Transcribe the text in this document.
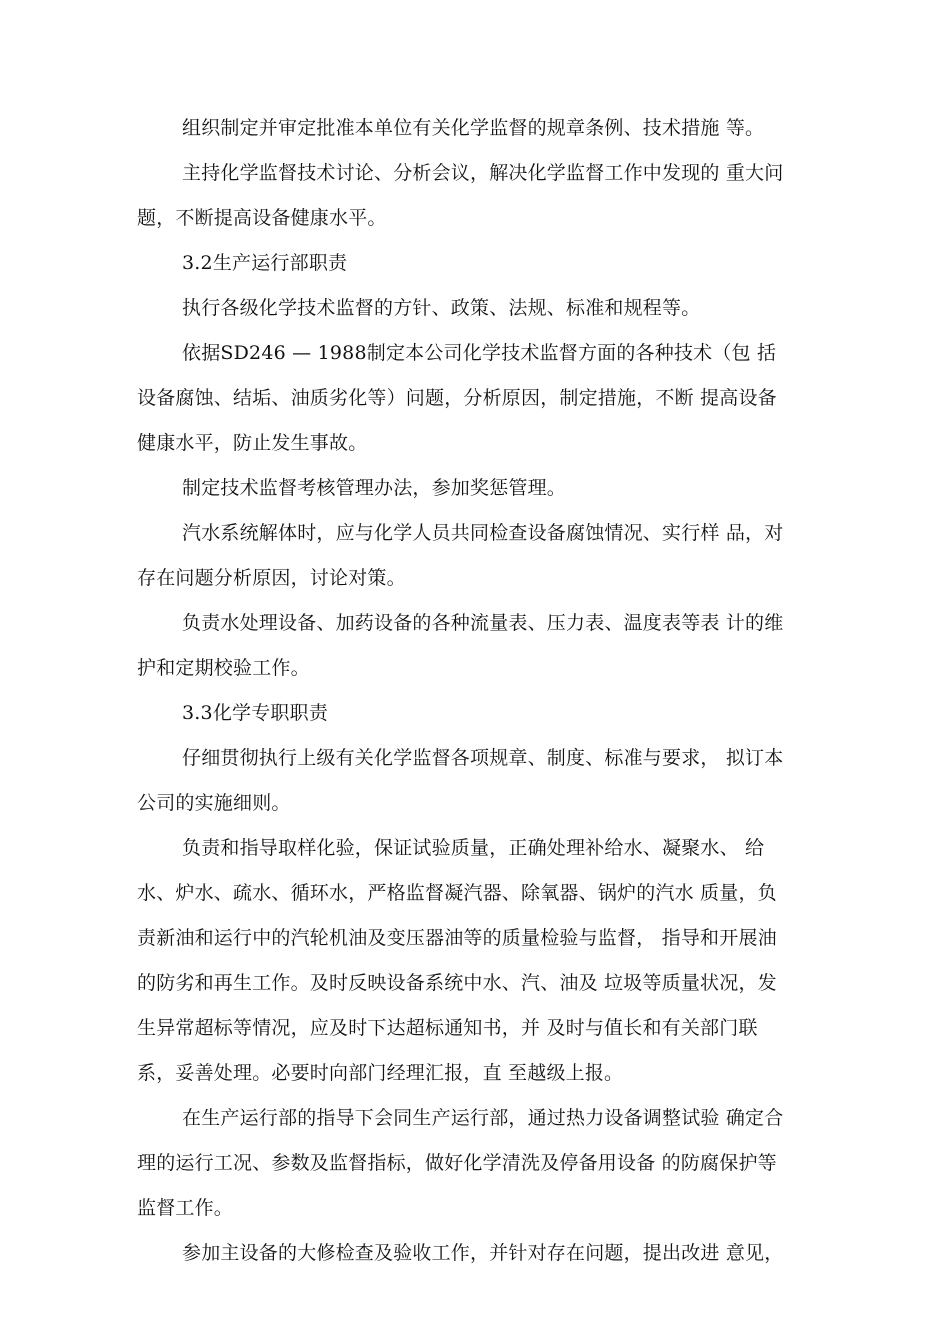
组织制定并审定批准本单位有关化学监督的规章条例、技术措施 等。

主持化学监督技术讨论、分析会议，解决化学监督工作中发现的 重大问
题，不断提高设备健康水平。

3.2生产运行部职责

执行各级化学技术监督的方针、政策、法规、标准和规程等。

依据SD246 — 1988制定本公司化学技术监督方面的各种技术（包 括
设备腐蚀、结垢、油质劣化等）问题，分析原因，制定措施，不断 提高设备
健康水平，防止发生事故。

制定技术监督考核管理办法，参加奖惩管理。

汽水系统解体时，应与化学人员共同检查设备腐蚀情况、实行样 品，对
存在问题分析原因，讨论对策。

负责水处理设备、加药设备的各种流量表、压力表、温度表等表 计的维
护和定期校验工作。

3.3化学专职职责

仔细贯彻执行上级有关化学监督各项规章、制度、标准与要求， 拟订本
公司的实施细则。

负责和指导取样化验，保证试验质量，正确处理补给水、凝聚水、 给
水、炉水、疏水、循环水，严格监督凝汽器、除氧器、锅炉的汽水 质量，负
责新油和运行中的汽轮机油及变压器油等的质量检验与监督， 指导和开展油
的防劣和再生工作。及时反映设备系统中水、汽、油及 垃圾等质量状况，发
生异常超标等情况，应及时下达超标通知书，并 及时与值长和有关部门联
系，妥善处理。必要时向部门经理汇报，直 至越级上报。

在生产运行部的指导下会同生产运行部，通过热力设备调整试验 确定合
理的运行工况、参数及监督指标，做好化学清洗及停备用设备 的防腐保护等
监督工作。

参加主设备的大修检查及验收工作，并针对存在问题，提出改进 意见，
